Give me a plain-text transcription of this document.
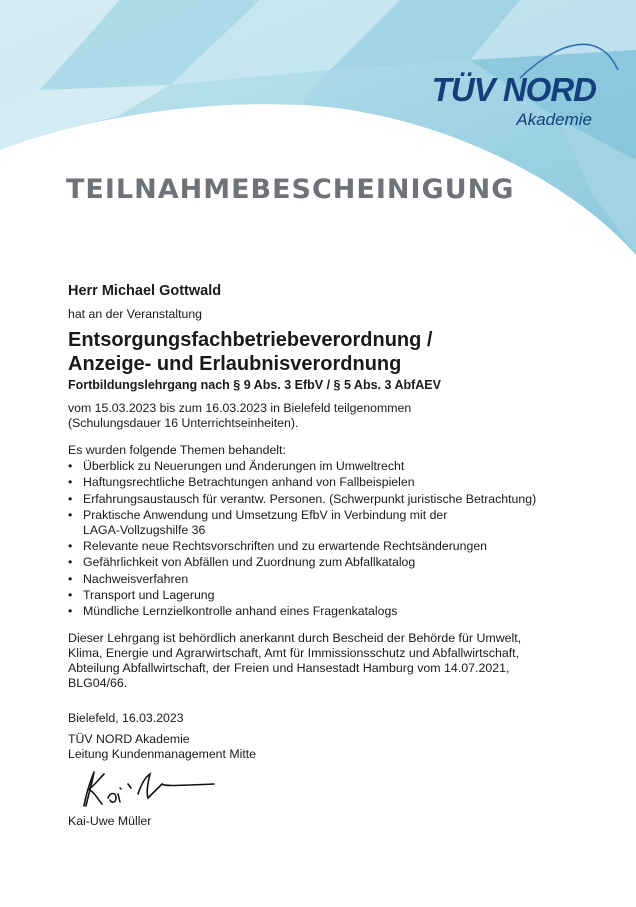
TÜV NORD
Akademie
TEILNAHMEBESCHEINIGUNG

Herr Michael Gottwald

hat an der Veranstaltung

Entsorgungsfachbetriebeverordnung /

Anzeige- und Erlaubnisverordnung

Fortbildungslehrgang nach § 9 Abs. 3 EfbV / § 5 Abs. 3 AbfAEV

vom 15.03.2023 bis zum 16.03.2023 in Bielefeld teilgenommen
(Schulungsdauer 16 Unterrichtseinheiten).

Es wurden folgende Themen behandelt:

• Überblick zu Neuerungen und Änderungen im Umweltrecht
• Haftungsrechtliche Betrachtungen anhand von Fallbeispielen
• Erfahrungsaustausch für verantw. Personen. (Schwerpunkt juristische Betrachtung)
• Praktische Anwendung und Umsetzung EfbV in Verbindung mit der
LAGA-Vollzugshilfe 36
• Relevante neue Rechtsvorschriften und zu erwartende Rechtsänderungen
• Gefährlichkeit von Abfällen und Zuordnung zum Abfallkatalog
• Nachweisverfahren
• Transport und Lagerung
• Mündliche Lernzielkontrolle anhand eines Fragenkatalogs

Dieser Lehrgang ist behördlich anerkannt durch Bescheid der Behörde für Umwelt,
Klima, Energie und Agrarwirtschaft, Amt für Immissionsschutz und Abfallwirtschaft,
Abteilung Abfallwirtschaft, der Freien und Hansestadt Hamburg vom 14.07.2021,
BLG04/66.

Bielefeld, 16.03.2023

TÜV NORD Akademie

Leitung Kundenmanagement Mitte

Kai-Uwe Müller
